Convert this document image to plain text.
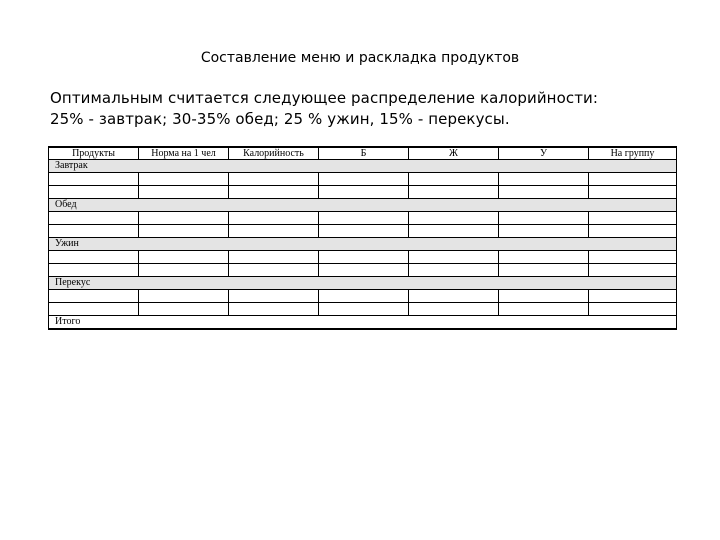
Составление меню и раскладка продуктов
Оптимальным считается следующее распределение калорийности:
25% - завтрак; 30-35% обед; 25 % ужин, 15% - перекусы.
Продукты	Норма на 1 чел	Калорийность	Б	Ж	У	На группу
Завтрак						

Обед						

Ужин						

Перекус						

Итого						
